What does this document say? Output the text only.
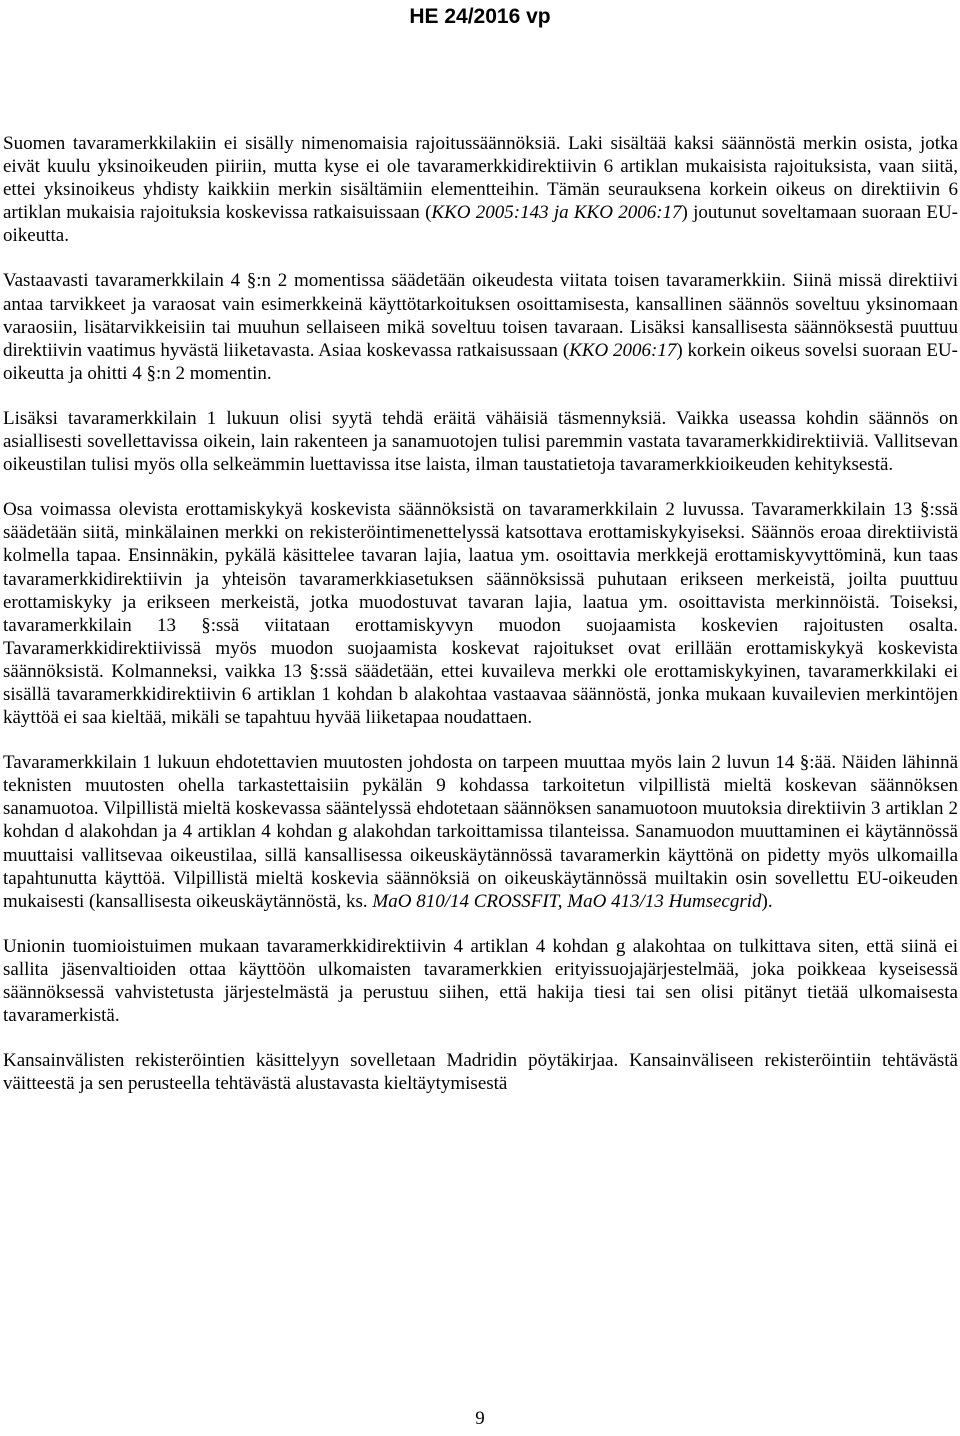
HE 24/2016 vp

Suomen tavaramerkkilakiin ei sisälly nimenomaisia rajoitussäännöksiä. Laki sisältää kaksi säännöstä merkin osista, jotka eivät kuulu yksinoikeuden piiriin, mutta kyse ei ole tavaramerkkidirektiivin 6 artiklan mukaisista rajoituksista, vaan siitä, ettei yksinoikeus yhdisty kaikkiin merkin sisältämiin elementteihin. Tämän seurauksena korkein oikeus on direktiivin 6 artiklan mukaisia rajoituksia koskevissa ratkaisuissaan (KKO 2005:143 ja KKO 2006:17) joutunut soveltamaan suoraan EU-oikeutta.

Vastaavasti tavaramerkkilain 4 §:n 2 momentissa säädetään oikeudesta viitata toisen tavaramerkkiin. Siinä missä direktiivi antaa tarvikkeet ja varaosat vain esimerkkeinä käyttötarkoituksen osoittamisesta, kansallinen säännös soveltuu yksinomaan varaosiin, lisätarvikkeisiin tai muuhun sellaiseen mikä soveltuu toisen tavaraan. Lisäksi kansallisesta säännöksestä puuttuu direktiivin vaatimus hyvästä liiketavasta. Asiaa koskevassa ratkaisussaan (KKO 2006:17) korkein oikeus sovelsi suoraan EU-oikeutta ja ohitti 4 §:n 2 momentin.

Lisäksi tavaramerkkilain 1 lukuun olisi syytä tehdä eräitä vähäisiä täsmennyksiä. Vaikka useassa kohdin säännös on asiallisesti sovellettavissa oikein, lain rakenteen ja sanamuotojen tulisi paremmin vastata tavaramerkkidirektiiviä. Vallitsevan oikeustilan tulisi myös olla selkeämmin luettavissa itse laista, ilman taustatietoja tavaramerkkioikeuden kehityksestä.

Osa voimassa olevista erottamiskykyä koskevista säännöksistä on tavaramerkkilain 2 luvussa. Tavaramerkkilain 13 §:ssä säädetään siitä, minkälainen merkki on rekisteröintimenettelyssä katsottava erottamiskykyiseksi. Säännös eroaa direktiivistä kolmella tapaa. Ensinnäkin, pykälä käsittelee tavaran lajia, laatua ym. osoittavia merkkejä erottamiskyvyttöminä, kun taas tavaramerkkidirektiivin ja yhteisön tavaramerkkiasetuksen säännöksissä puhutaan erikseen merkeistä, joilta puuttuu erottamiskyky ja erikseen merkeistä, jotka muodostuvat tavaran lajia, laatua ym. osoittavista merkinnöistä. Toiseksi, tavaramerkkilain 13 §:ssä viitataan erottamiskyvyn muodon suojaamista koskevien rajoitusten osalta. Tavaramerkkidirektiivissä myös muodon suojaamista koskevat rajoitukset ovat erillään erottamiskykyä koskevista säännöksistä. Kolmanneksi, vaikka 13 §:ssä säädetään, ettei kuvaileva merkki ole erottamiskykyinen, tavaramerkkilaki ei sisällä tavaramerkkidirektiivin 6 artiklan 1 kohdan b alakohtaa vastaavaa säännöstä, jonka mukaan kuvailevien merkintöjen käyttöä ei saa kieltää, mikäli se tapahtuu hyvää liiketapaa noudattaen.

Tavaramerkkilain 1 lukuun ehdotettavien muutosten johdosta on tarpeen muuttaa myös lain 2 luvun 14 §:ää. Näiden lähinnä teknisten muutosten ohella tarkastettaisiin pykälän 9 kohdassa tarkoitetun vilpillistä mieltä koskevan säännöksen sanamuotoa. Vilpillistä mieltä koskevassa sääntelyssä ehdotetaan säännöksen sanamuotoon muutoksia direktiivin 3 artiklan 2 kohdan d alakohdan ja 4 artiklan 4 kohdan g alakohdan tarkoittamissa tilanteissa. Sanamuodon muuttaminen ei käytännössä muuttaisi vallitsevaa oikeustilaa, sillä kansallisessa oikeuskäytännössä tavaramerkin käyttönä on pidetty myös ulkomailla tapahtunutta käyttöä. Vilpillistä mieltä koskevia säännöksiä on oikeuskäytännössä muiltakin osin sovellettu EU-oikeuden mukaisesti (kansallisesta oikeuskäytännöstä, ks. MaO 810/14 CROSSFIT, MaO 413/13 Humsecgrid).

Unionin tuomioistuimen mukaan tavaramerkkidirektiivin 4 artiklan 4 kohdan g alakohtaa on tulkittava siten, että siinä ei sallita jäsenvaltioiden ottaa käyttöön ulkomaisten tavaramerkkien erityissuojajärjestelmää, joka poikkeaa kyseisessä säännöksessä vahvistetusta järjestelmästä ja perustuu siihen, että hakija tiesi tai sen olisi pitänyt tietää ulkomaisesta tavaramerkistä.

Kansainvälisten rekisteröintien käsittelyyn sovelletaan Madridin pöytäkirjaa. Kansainväliseen rekisteröintiin tehtävästä väitteestä ja sen perusteella tehtävästä alustavasta kieltäytymisestä

9
